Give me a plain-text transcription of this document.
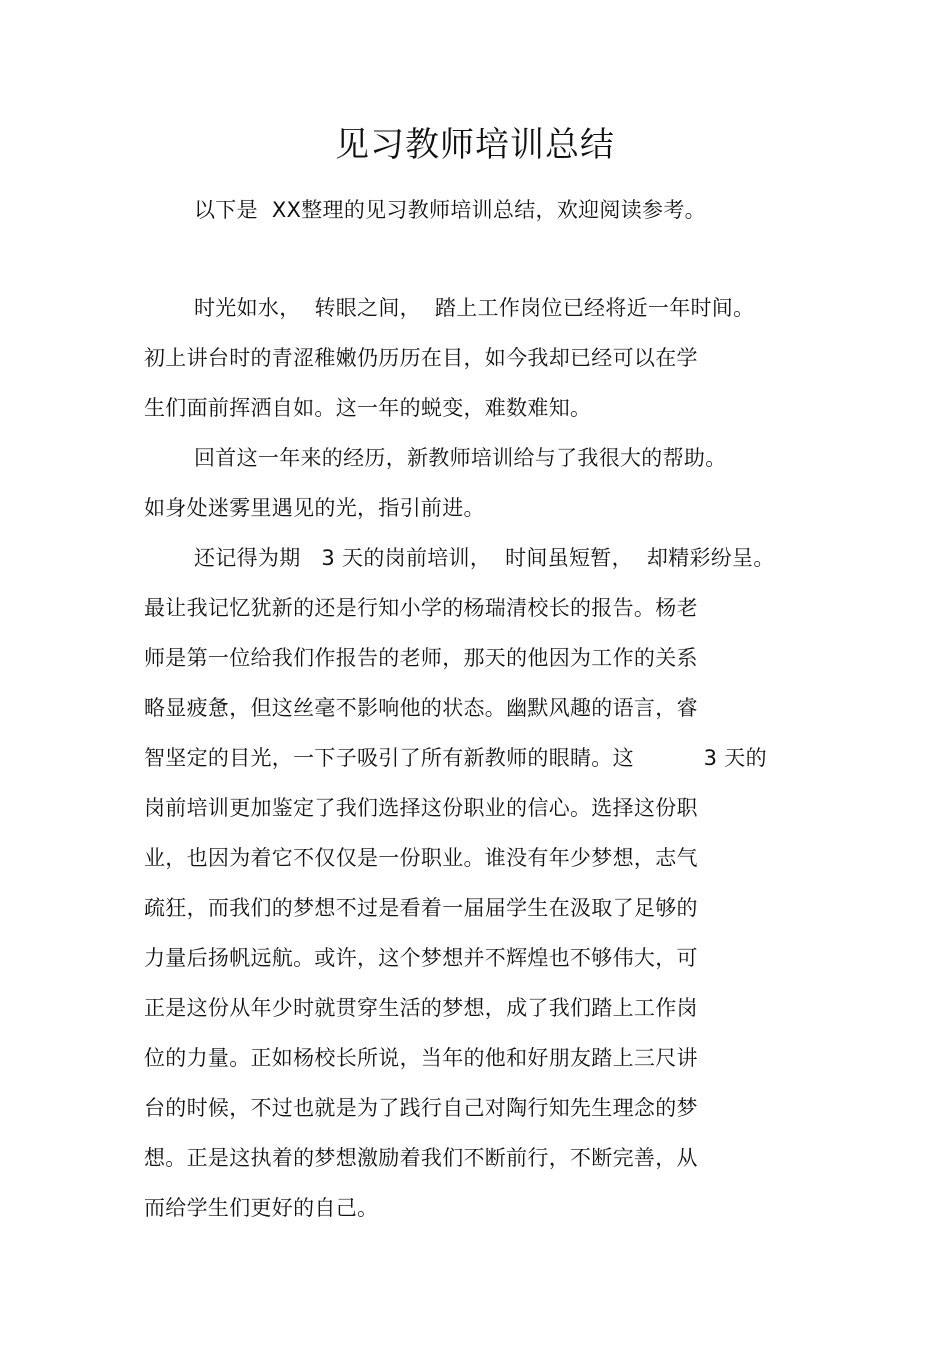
见习教师培训总结
以下是  XX整理的见习教师培训总结，欢迎阅读参考。
时光如水，  转眼之间，  踏上工作岗位已经将近一年时间。
初上讲台时的青涩稚嫩仍历历在目，如今我却已经可以在学
生们面前挥洒自如。这一年的蜕变，难数难知。
回首这一年来的经历，新教师培训给与了我很大的帮助。
如身处迷雾里遇见的光，指引前进。
还记得为期   3 天的岗前培训，  时间虽短暂，  却精彩纷呈。
最让我记忆犹新的还是行知小学的杨瑞清校长的报告。杨老
师是第一位给我们作报告的老师，那天的他因为工作的关系
略显疲惫，但这丝毫不影响他的状态。幽默风趣的语言，睿
智坚定的目光，一下子吸引了所有新教师的眼睛。这          3 天的
岗前培训更加鉴定了我们选择这份职业的信心。选择这份职
业，也因为着它不仅仅是一份职业。谁没有年少梦想，志气
疏狂，而我们的梦想不过是看着一届届学生在汲取了足够的
力量后扬帆远航。或许，这个梦想并不辉煌也不够伟大，可
正是这份从年少时就贯穿生活的梦想，成了我们踏上工作岗
位的力量。正如杨校长所说，当年的他和好朋友踏上三尺讲
台的时候，不过也就是为了践行自己对陶行知先生理念的梦
想。正是这执着的梦想激励着我们不断前行，不断完善，从
而给学生们更好的自己。
